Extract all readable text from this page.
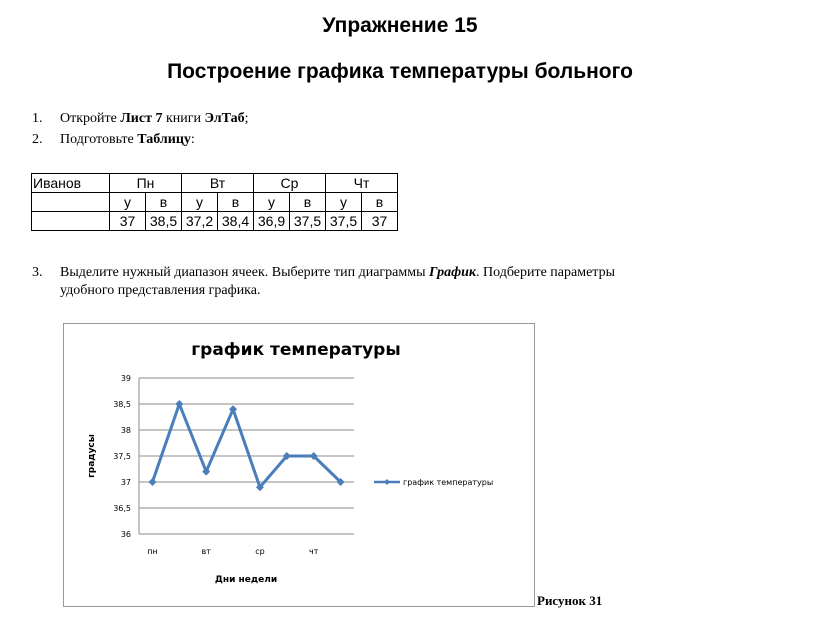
Упражнение 15
Построение графика температуры больного
1. Откройте Лист 7 книги ЭлТаб;
2. Подготовьте Таблицу:
Иванов	Пн		Вт		Ср		Чт	
	у	в	у	в	у	в	у	в
	37	38,5	37,2	38,4	36,9	37,5	37,5	37
3. Выделите нужный диапазон ячеек. Выберите тип диаграммы График. Подберите параметры
удобного представления графика.
график температуры
36
36,5
37
37,5
38
38,5
39
пн	вт	ср	чт
Дни недели
градусы
график температуры
Рисунок 31
